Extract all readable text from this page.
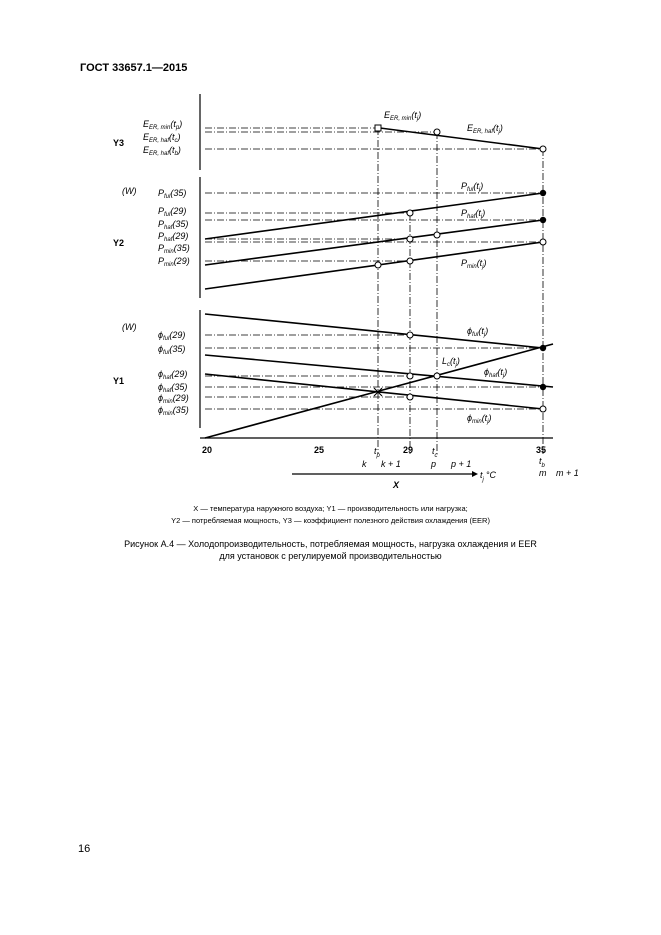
ГОСТ 33657.1—2015
Y3
Y2
Y1
(W)
(W)
20	25	29	35
$t_p$	$t_c$	$t_b$
k k + 1	p p + 1
m m + 1
$t_j$ °C
X
$E_{ER, min}(t_p)$
$E_{ER, haf}(t_c)$
$E_{ER, haf}(t_b)$
$E_{ER, min}(t_j)$
$E_{ER, haf}(t_j)$
$P_{ful}(35)$
$P_{ful}(29)$
$P_{haf}(35)$
$P_{haf}(29)$
$P_{min}(35)$
$P_{min}(29)$
$P_{ful}(t_j)$
$P_{haf}(t_j)$
$P_{min}(t_j)$
$\phi_{ful}(29)$
$\phi_{ful}(35)$
$\phi_{haf}(29)$
$\phi_{haf}(35)$
$\phi_{min}(29)$
$\phi_{min}(35)$
$\phi_{ful}(t_j)$
$L_c(t_j)$
$\phi_{haf}(t_j)$
$\phi_{min}(t_j)$
X — температура наружного воздуха; Y1 — производительность или нагрузка;
Y2 — потребляемая мощность, Y3 — коэффициент полезного действия охлаждения (EER)
Рисунок А.4 — Холодопроизводительность, потребляемая мощность, нагрузка охлаждения и EER
для установок с регулируемой производительностью
16
